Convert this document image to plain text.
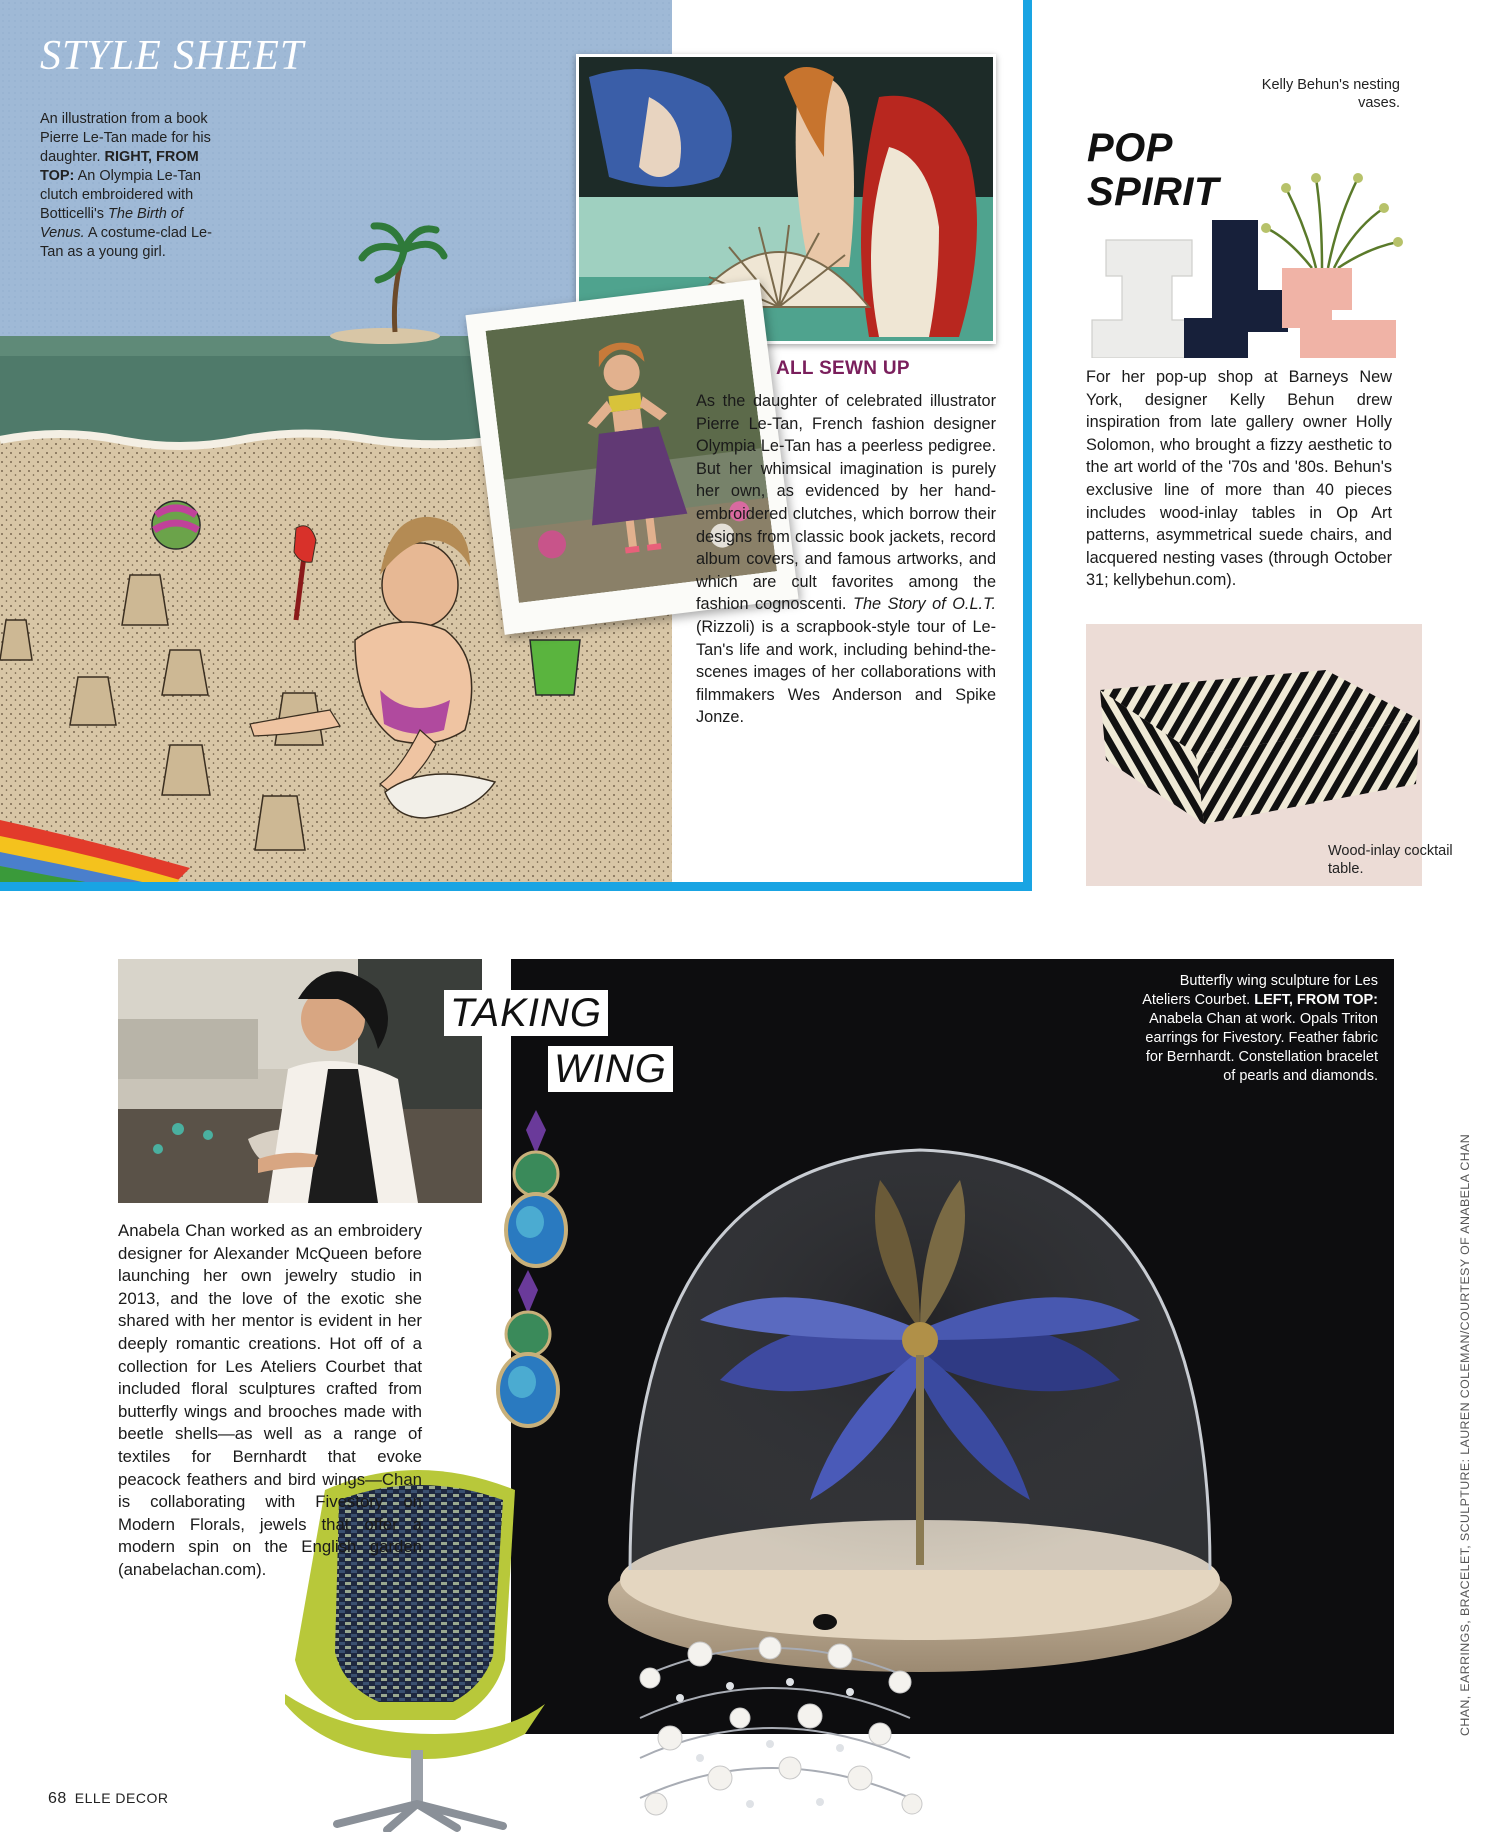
STYLE SHEET
An illustration from a book Pierre Le-Tan made for his daughter. RIGHT, FROM TOP: An Olympia Le-Tan clutch embroidered with Botticelli's The Birth of Venus. A costume-clad Le-Tan as a young girl.
ALL SEWN UP
As the daughter of celebrated illustrator Pierre Le-Tan, French fashion designer Olympia Le-Tan has a peerless pedigree. But her whimsical imagination is purely her own, as evidenced by her hand-embroidered clutches, which borrow their designs from classic book jackets, record album covers, and famous artworks, and which are cult favorites among the fashion cognoscenti. The Story of O.L.T. (Rizzoli) is a scrapbook-style tour of Le-Tan's life and work, including behind-the-scenes images of her collaborations with filmmakers Wes Anderson and Spike Jonze.
Kelly Behun's nesting vases.
POP
SPIRIT
For her pop-up shop at Barneys New York, designer Kelly Behun drew inspiration from late gallery owner Holly Solomon, who brought a fizzy aesthetic to the art world of the '70s and '80s. Behun's exclusive line of more than 40 pieces includes wood-inlay tables in Op Art patterns, asymmetrical suede chairs, and lacquered nesting vases (through October 31; kellybehun.com).
Wood-inlay cocktail table.
TAKING
WING
Butterfly wing sculpture for Les Ateliers Courbet. LEFT, FROM TOP: Anabela Chan at work. Opals Triton earrings for Fivestory. Feather fabric for Bernhardt. Constellation bracelet of pearls and diamonds.
Anabela Chan worked as an embroidery designer for Alexander McQueen before launching her own jewelry studio in 2013, and the love of the exotic she shared with her mentor is evident in her deeply romantic creations. Hot off of a collection for Les Ateliers Courbet that included floral sculptures crafted from butterfly wings and brooches made with beetle shells—as well as a range of textiles for Bernhardt that evoke peacock feathers and bird wings—Chan is collaborating with Fivestory on Modern Florals, jewels that offer a modern spin on the English garden (anabelachan.com).	CHAN, EARRINGS, BRACELET, SCULPTURE: LAUREN COLEMAN/COURTESY OF ANABELA CHAN
68 ELLE DECOR
